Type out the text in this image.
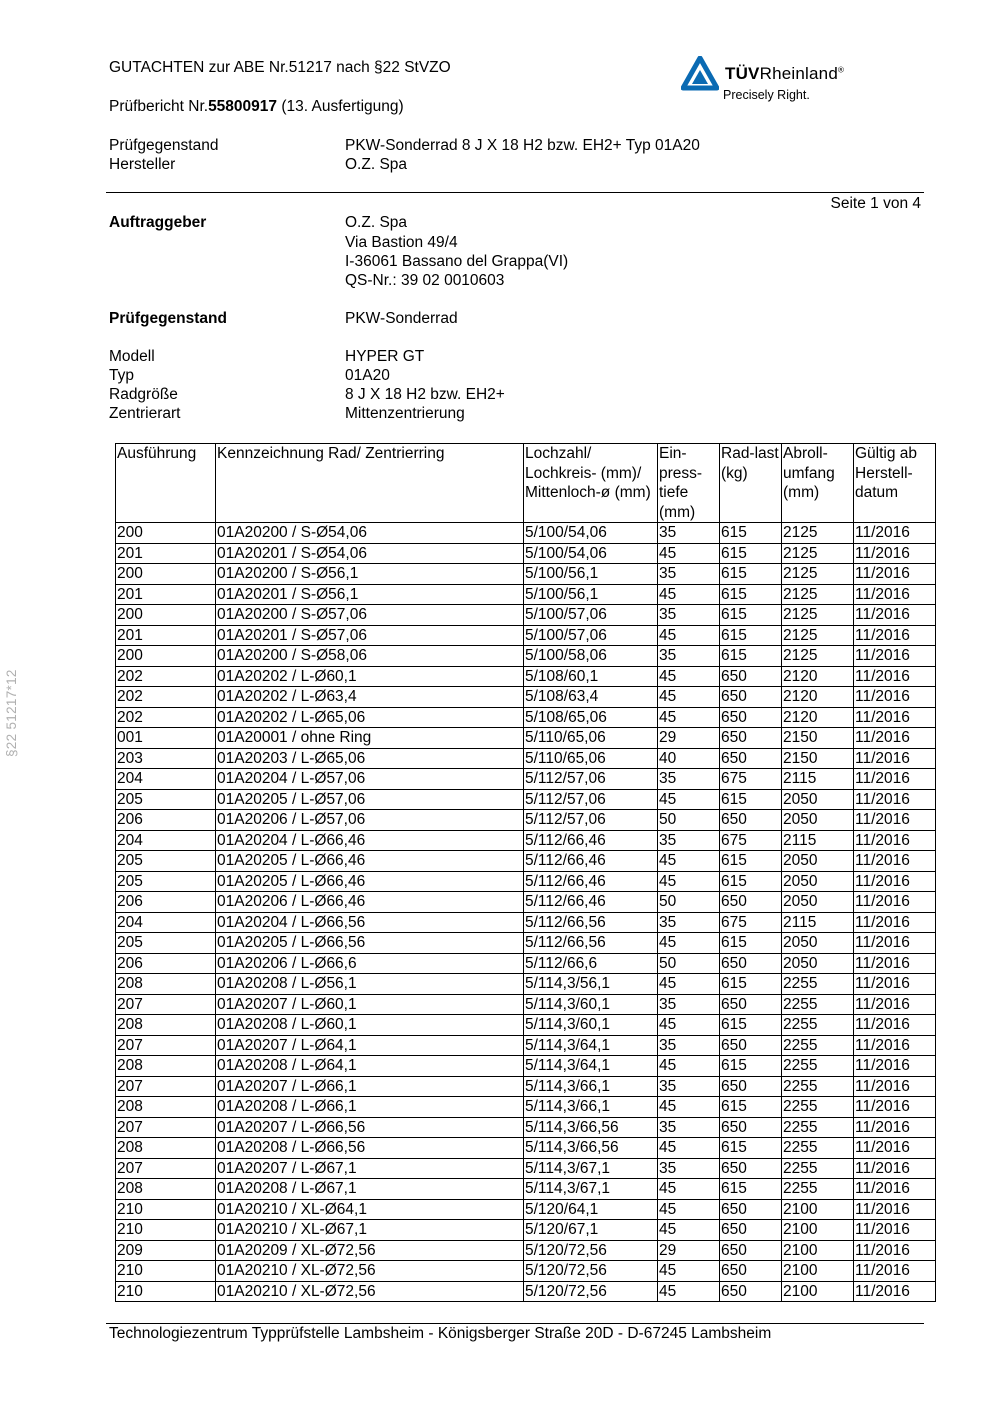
GUTACHTEN zur ABE Nr.51217 nach §22 StVZO
Prüfbericht Nr.55800917 (13. Ausfertigung)
TÜVRheinland®
Precisely Right.
Prüfgegenstand	PKW-Sonderrad 8 J X 18 H2 bzw. EH2+ Typ 01A20
Hersteller	O.Z. Spa
Seite 1 von 4
Auftraggeber	O.Z. Spa
Via Bastion 49/4
I-36061 Bassano del Grappa(VI)
QS-Nr.: 39 02 0010603
Prüfgegenstand	PKW-Sonderrad
Modell	HYPER GT
Typ	01A20
Radgröße	8 J X 18 H2 bzw. EH2+
Zentrierart	Mittenzentrierung
§22 51217*12
Ausführung	Kennzeichnung Rad/ Zentrierring	Lochzahl/ Lochkreis- (mm)/ Mittenloch-ø (mm)	Ein-press-tiefe (mm)	Rad-last (kg)	Abroll-umfang (mm)	Gültig ab Herstell-datum
200	01A20200 / S-Ø54,06	5/100/54,06	35	615	2125	11/2016
201	01A20201 / S-Ø54,06	5/100/54,06	45	615	2125	11/2016
200	01A20200 / S-Ø56,1	5/100/56,1	35	615	2125	11/2016
201	01A20201 / S-Ø56,1	5/100/56,1	45	615	2125	11/2016
200	01A20200 / S-Ø57,06	5/100/57,06	35	615	2125	11/2016
201	01A20201 / S-Ø57,06	5/100/57,06	45	615	2125	11/2016
200	01A20200 / S-Ø58,06	5/100/58,06	35	615	2125	11/2016
202	01A20202 / L-Ø60,1	5/108/60,1	45	650	2120	11/2016
202	01A20202 / L-Ø63,4	5/108/63,4	45	650	2120	11/2016
202	01A20202 / L-Ø65,06	5/108/65,06	45	650	2120	11/2016
001	01A20001 / ohne Ring	5/110/65,06	29	650	2150	11/2016
203	01A20203 / L-Ø65,06	5/110/65,06	40	650	2150	11/2016
204	01A20204 / L-Ø57,06	5/112/57,06	35	675	2115	11/2016
205	01A20205 / L-Ø57,06	5/112/57,06	45	615	2050	11/2016
206	01A20206 / L-Ø57,06	5/112/57,06	50	650	2050	11/2016
204	01A20204 / L-Ø66,46	5/112/66,46	35	675	2115	11/2016
205	01A20205 / L-Ø66,46	5/112/66,46	45	615	2050	11/2016
205	01A20205 / L-Ø66,46	5/112/66,46	45	615	2050	11/2016
206	01A20206 / L-Ø66,46	5/112/66,46	50	650	2050	11/2016
204	01A20204 / L-Ø66,56	5/112/66,56	35	675	2115	11/2016
205	01A20205 / L-Ø66,56	5/112/66,56	45	615	2050	11/2016
206	01A20206 / L-Ø66,6	5/112/66,6	50	650	2050	11/2016
208	01A20208 / L-Ø56,1	5/114,3/56,1	45	615	2255	11/2016
207	01A20207 / L-Ø60,1	5/114,3/60,1	35	650	2255	11/2016
208	01A20208 / L-Ø60,1	5/114,3/60,1	45	615	2255	11/2016
207	01A20207 / L-Ø64,1	5/114,3/64,1	35	650	2255	11/2016
208	01A20208 / L-Ø64,1	5/114,3/64,1	45	615	2255	11/2016
207	01A20207 / L-Ø66,1	5/114,3/66,1	35	650	2255	11/2016
208	01A20208 / L-Ø66,1	5/114,3/66,1	45	615	2255	11/2016
207	01A20207 / L-Ø66,56	5/114,3/66,56	35	650	2255	11/2016
208	01A20208 / L-Ø66,56	5/114,3/66,56	45	615	2255	11/2016
207	01A20207 / L-Ø67,1	5/114,3/67,1	35	650	2255	11/2016
208	01A20208 / L-Ø67,1	5/114,3/67,1	45	615	2255	11/2016
210	01A20210 / XL-Ø64,1	5/120/64,1	45	650	2100	11/2016
210	01A20210 / XL-Ø67,1	5/120/67,1	45	650	2100	11/2016
209	01A20209 / XL-Ø72,56	5/120/72,56	29	650	2100	11/2016
210	01A20210 / XL-Ø72,56	5/120/72,56	45	650	2100	11/2016
210	01A20210 / XL-Ø72,56	5/120/72,56	45	650	2100	11/2016
Technologiezentrum Typprüfstelle Lambsheim - Königsberger Straße 20D - D-67245 Lambsheim
